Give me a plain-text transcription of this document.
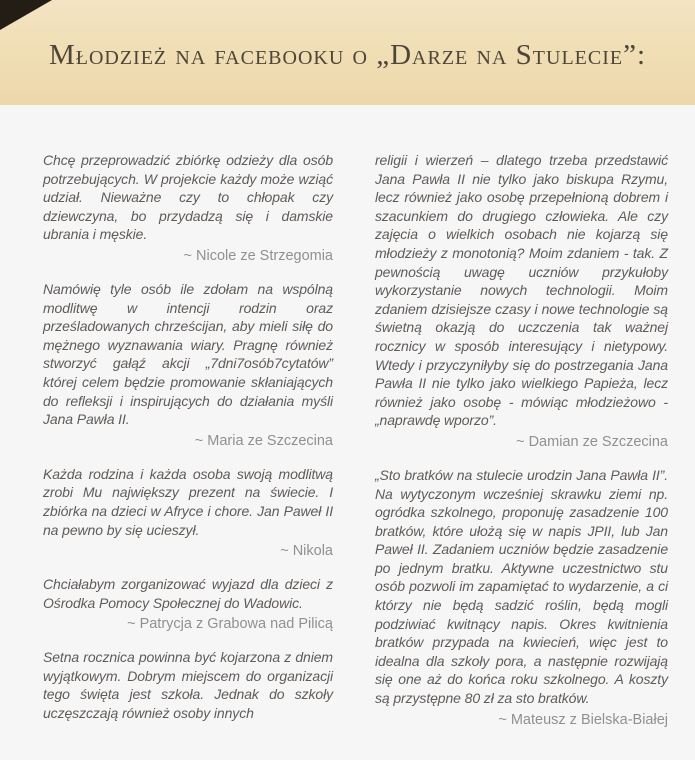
Młodzież na facebooku o „Darze na Stulecie”:

Chcę przeprowadzić zbiórkę odzieży dla osób potrzebujących. W projekcie każdy może wziąć udział. Nieważne czy to chłopak czy dziewczyna, bo przydadzą się i damskie ubrania i męskie.

~ Nicole ze Strzegomia

Namówię tyle osób ile zdołam na wspólną modlitwę w intencji rodzin oraz prześladowanych chrześcijan, aby mieli siłę do mężnego wyznawania wiary. Pragnę również stworzyć gałąź akcji „7dni7osób7cytatów” której celem będzie promowanie skłaniających do refleksji i inspirujących do działania myśli Jana Pawła II.

~ Maria ze Szczecina

Każda rodzina i każda osoba swoją modlitwą zrobi Mu największy prezent na świecie. I zbiórka na dzieci w Afryce i chore. Jan Paweł II na pewno by się ucieszył.

~ Nikola

Chciałabym zorganizować wyjazd dla dzieci z Ośrodka Pomocy Społecznej do Wadowic.

~ Patrycja z Grabowa nad Pilicą

Setna rocznica powinna być kojarzona z dniem wyjątkowym. Dobrym miejscem do organizacji tego święta jest szkoła. Jednak do szkoły uczęszczają również osoby innych

religii i wierzeń – dlatego trzeba przedstawić Jana Pawła II nie tylko jako biskupa Rzymu, lecz również jako osobę przepełnioną dobrem i szacunkiem do drugiego człowieka. Ale czy zajęcia o wielkich osobach nie kojarzą się młodzieży z monotonią? Moim zdaniem - tak. Z pewnością uwagę uczniów przykułoby wykorzystanie nowych technologii. Moim zdaniem dzisiejsze czasy i nowe technologie są świetną okazją do uczczenia tak ważnej rocznicy w sposób interesujący i nietypowy. Wtedy i przyczyniłyby się do postrzegania Jana Pawła II nie tylko jako wielkiego Papieża, lecz również jako osobę - mówiąc młodzieżowo - „naprawdę wporzo”.

~ Damian ze Szczecina

„Sto bratków na stulecie urodzin Jana Pawła II”. Na wytyczonym wcześniej skrawku ziemi np. ogródka szkolnego, proponuję zasadzenie 100 bratków, które ułożą się w napis JPII, lub Jan Paweł II. Zadaniem uczniów będzie zasadzenie po jednym bratku. Aktywne uczestnictwo stu osób pozwoli im zapamiętać to wydarzenie, a ci którzy nie będą sadzić roślin, będą mogli podziwiać kwitnący napis. Okres kwitnienia bratków przypada na kwiecień, więc jest to idealna dla szkoły pora, a następnie rozwijają się one aż do końca roku szkolnego. A koszty są przystępne 80 zł za sto bratków.

~ Mateusz z Bielska-Białej
